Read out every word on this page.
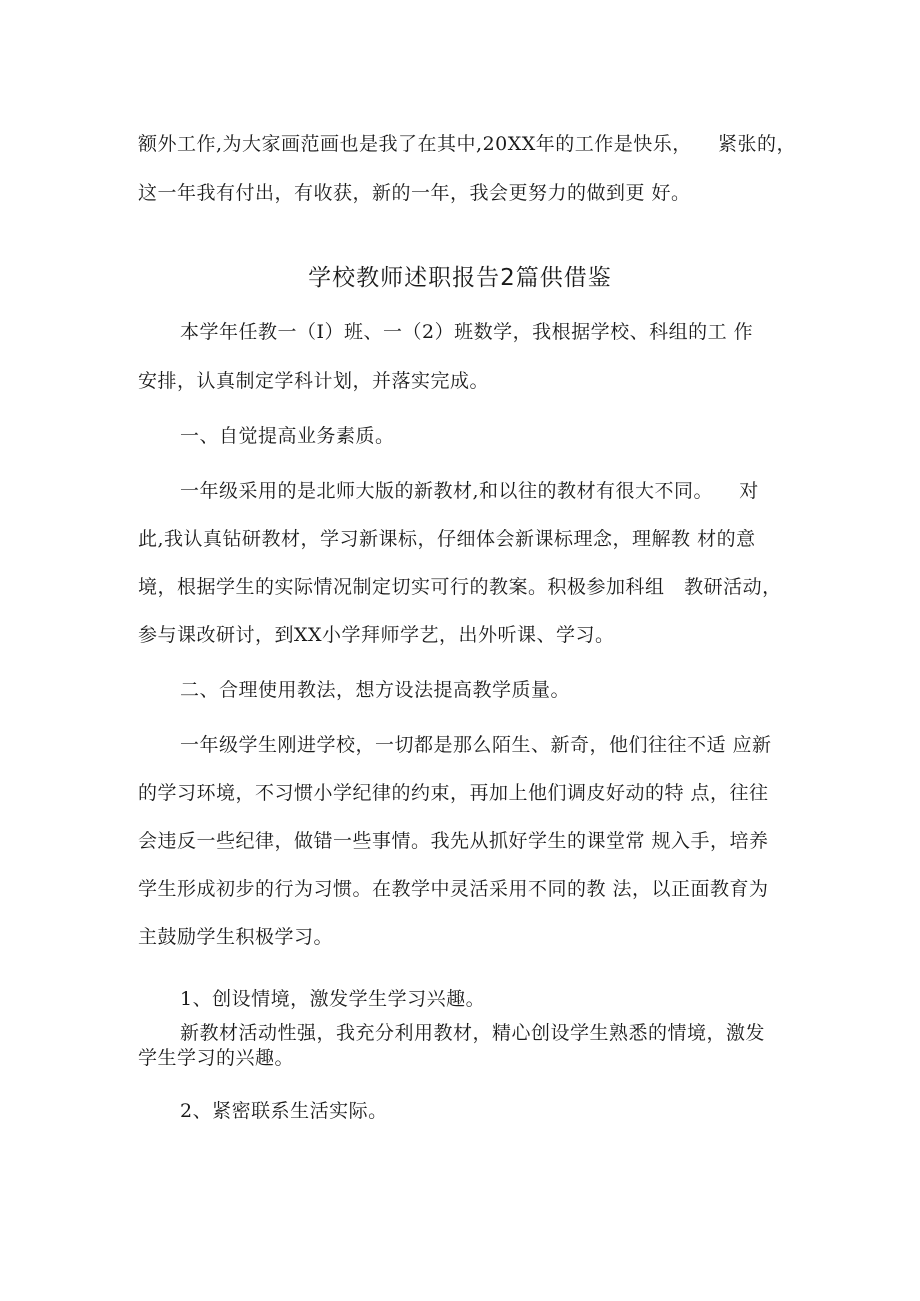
额外工作,为大家画范画也是我了在其中,20XX年的工作是快乐，    紧张的，
这一年我有付出，有收获，新的一年，我会更努力的做到更 好。
学校教师述职报告2篇供借鉴
本学年任教一（I）班、一（2）班数学，我根据学校、科组的工 作
安排，认真制定学科计划，并落实完成。
一、自觉提高业务素质。
一年级采用的是北师大版的新教材,和以往的教材有很大不同。    对
此,我认真钻研教材，学习新课标，仔细体会新课标理念，理解教 材的意
境，根据学生的实际情况制定切实可行的教案。积极参加科组   教研活动，
参与课改研讨，到XX小学拜师学艺，出外听课、学习。
二、合理使用教法，想方设法提高教学质量。
一年级学生刚进学校，一切都是那么陌生、新奇，他们往往不适 应新
的学习环境，不习惯小学纪律的约束，再加上他们调皮好动的特 点，往往
会违反一些纪律，做错一些事情。我先从抓好学生的课堂常 规入手，培养
学生形成初步的行为习惯。在教学中灵活采用不同的教 法，以正面教育为
主鼓励学生积极学习。
1、创设情境，激发学生学习兴趣。
新教材活动性强，我充分利用教材，精心创设学生熟悉的情境，激发
学生学习的兴趣。
2、紧密联系生活实际。
